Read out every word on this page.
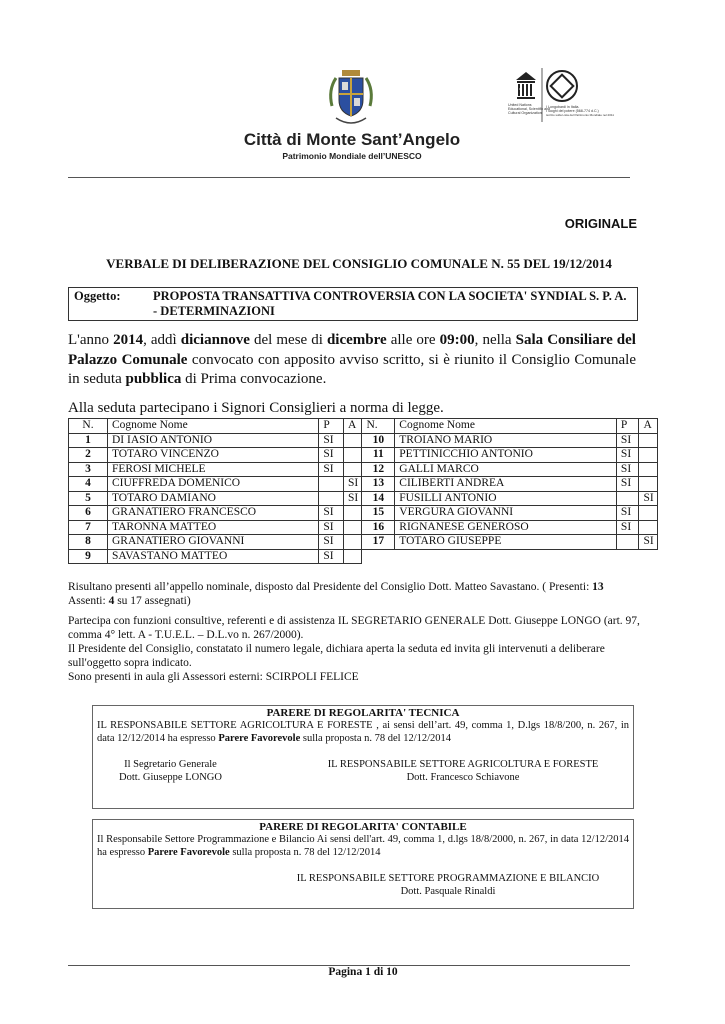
U
United Nations
Educational, Scientific and
Cultural Organization
I Longobardi in Italia.
I luoghi del potere (568-774 d.C.)
iscritto sulla Lista del Patrimonio Mondiale nel 2011
Città di Monte Sant’Angelo
Patrimonio Mondiale dell’UNESCO
ORIGINALE
VERBALE DI DELIBERAZIONE DEL CONSIGLIO COMUNALE N. 55 DEL 19/12/2014
Oggetto:	PROPOSTA TRANSATTIVA CONTROVERSIA CON LA SOCIETA' SYNDIAL S. P. A. - DETERMINAZIONI
L'anno 2014, addì diciannove del mese di dicembre alle ore 09:00, nella Sala Consiliare del Palazzo Comunale convocato con apposito avviso scritto, si è riunito il Consiglio Comunale in seduta pubblica di Prima convocazione.
Alla seduta partecipano i Signori Consiglieri a norma di legge.
N.	Cognome Nome	P	A	N.	Cognome Nome	P	A
1	DI IASIO ANTONIO	SI		10	TROIANO MARIO	SI	
2	TOTARO VINCENZO	SI		11	PETTINICCHIO ANTONIO	SI	
3	FEROSI MICHELE	SI		12	GALLI MARCO	SI	
4	CIUFFREDA DOMENICO		SI	13	CILIBERTI ANDREA	SI	
5	TOTARO DAMIANO		SI	14	FUSILLI ANTONIO		SI
6	GRANATIERO FRANCESCO	SI		15	VERGURA GIOVANNI	SI	
7	TARONNA MATTEO	SI		16	RIGNANESE GENEROSO	SI	
8	GRANATIERO GIOVANNI	SI		17	TOTARO GIUSEPPE		SI
9	SAVASTANO MATTEO	SI					
Risultano presenti all’appello nominale, disposto dal Presidente del Consiglio Dott. Matteo Savastano. ( Presenti: 13
Assenti: 4 su 17 assegnati)
Partecipa con funzioni consultive, referenti e di assistenza IL SEGRETARIO GENERALE Dott. Giuseppe LONGO (art. 97, comma 4° lett. A - T.U.E.L. – D.L.vo n. 267/2000).
Il Presidente del Consiglio, constatato il numero legale, dichiara aperta la seduta ed invita gli intervenuti a deliberare sull'oggetto sopra indicato.
Sono presenti in aula gli Assessori esterni: SCIRPOLI FELICE
PARERE DI REGOLARITA' TECNICA
IL RESPONSABILE SETTORE AGRICOLTURA E FORESTE , ai sensi dell’art. 49, comma 1, D.lgs 18/8/200, n. 267, in data 12/12/2014 ha espresso Parere Favorevole sulla proposta n. 78 del 12/12/2014
Il Segretario Generale
Dott. Giuseppe LONGO
IL RESPONSABILE SETTORE AGRICOLTURA E FORESTE
Dott. Francesco Schiavone
PARERE DI REGOLARITA' CONTABILE
Il Responsabile Settore Programmazione e Bilancio Ai sensi dell'art. 49, comma 1, d.lgs 18/8/2000, n. 267, in data 12/12/2014 ha espresso Parere Favorevole sulla proposta n. 78 del 12/12/2014
IL RESPONSABILE SETTORE PROGRAMMAZIONE E BILANCIO
Dott. Pasquale Rinaldi
Pagina 1 di 10
